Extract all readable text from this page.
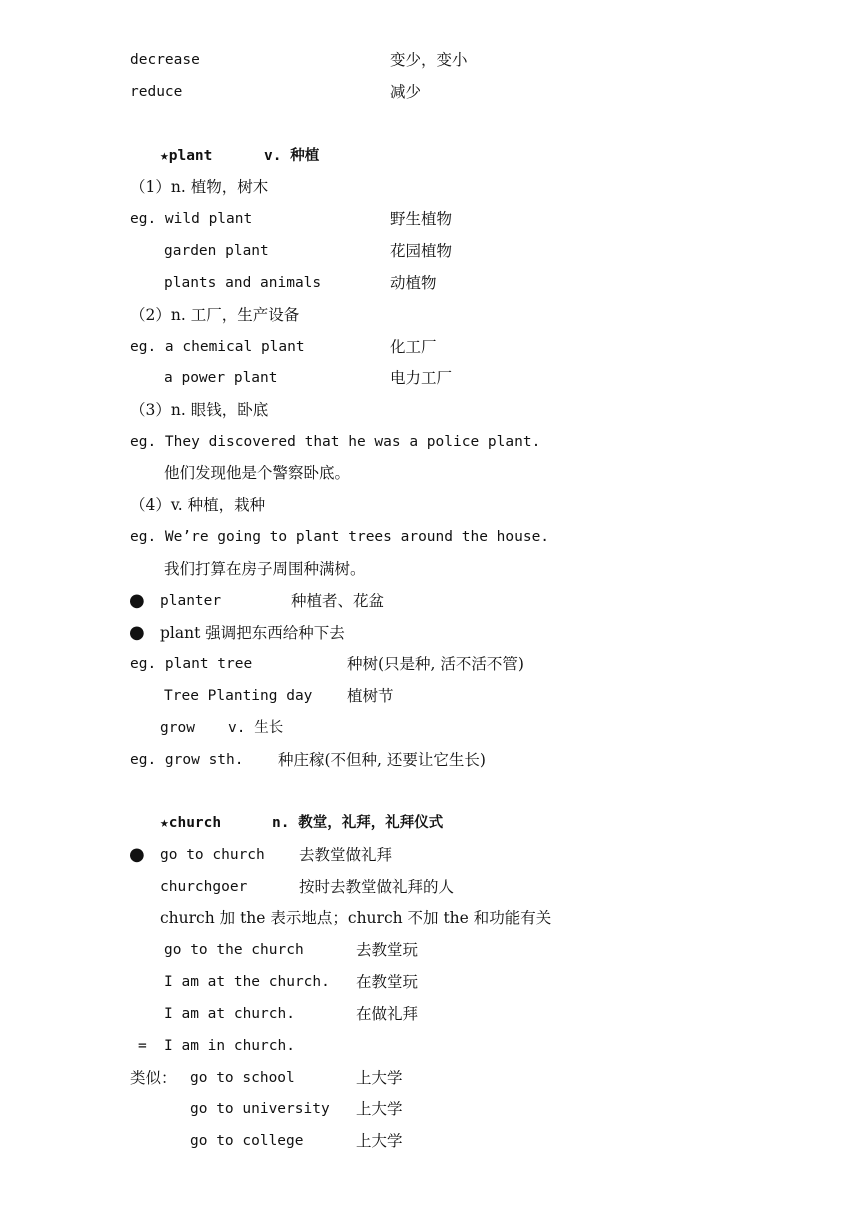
decrease	变少，变小
reduce	减少
★plant	v. 种植
（1）n. 植物，树木
eg. wild plant	野生植物
garden plant	花园植物
plants and animals	动植物
（2）n. 工厂，生产设备
eg. a chemical plant	化工厂
a power plant	电力工厂
（3）n. 眼钱，卧底
eg. They discovered that he was a police plant.
他们发现他是个警察卧底。
（4）v. 种植，栽种
eg. We’re going to plant trees around the house.
我们打算在房子周围种满树。
● planter	种植者、花盆
● plant 强调把东西给种下去
eg. plant tree	种树(只是种, 活不活不管)
Tree Planting day 植树节
grow v. 生长
eg. grow sth. 种庄稼(不但种, 还要让它生长)
★church	n. 教堂，礼拜，礼拜仪式
● go to church 去教堂做礼拜
churchgoer	按时去教堂做礼拜的人
church 加 the 表示地点；church 不加 the 和功能有关
go to the church	去教堂玩
I am at the church. 在教堂玩
I am at church.	在做礼拜
= I am in church.
类似： go to school	上大学
go to university 上大学
go to college	上大学
